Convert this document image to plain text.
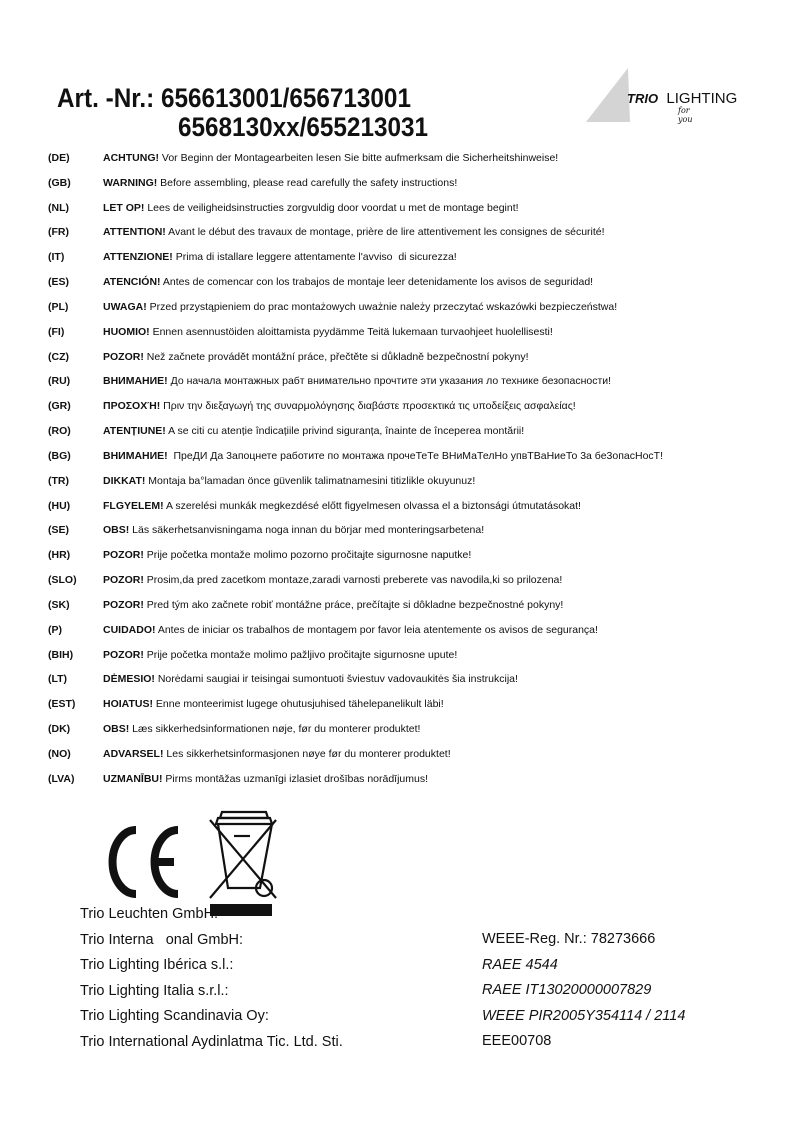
Art. -Nr.: 656613001/656713001
6568130xx/655213031
TRIO LIGHTING
for you
(DE)	ACHTUNG! Vor Beginn der Montagearbeiten lesen Sie bitte aufmerksam die Sicherheitshinweise!
(GB)	WARNING! Before assembling, please read carefully the safety instructions!
(NL)	LET OP! Lees de veiligheidsinstructies zorgvuldig door voordat u met de montage begint!
(FR)	ATTENTION! Avant le début des travaux de montage, prière de lire attentivement les consignes de sécurité!
(IT)	ATTENZIONE! Prima di istallare leggere attentamente l'avviso  di sicurezza!
(ES)	ATENCIÓN! Antes de comencar con los trabajos de montaje leer detenidamente los avisos de seguridad!
(PL)	UWAGA! Przed przystąpieniem do prac montażowych uważnie należy przeczytać wskazówki bezpieczeństwa!
(FI)	HUOMIO! Ennen asennustöiden aloittamista pyydämme Teitä lukemaan turvaohjeet huolellisesti!
(CZ)	POZOR! Než začnete provádět montážní práce, přečtěte si důkladně bezpečnostní pokyny!
(RU)	ВНИМАНИЕ! До начала монтажных рабт внимательно прочтите эти указания ло технике безопасности!
(GR)	ΠΡΟΣΟΧΉ! Πριν την διεξαγωγή της συναρμολόγησης διαβάστε προσεκτικά τις υποδείξεις ασφαλείας!
(RO)	ATENȚIUNE! A se citi cu atenție îndicațiile privind siguranța, înainte de începerea montării!
(BG)	ВНИМАНИЕ!  ПреДИ Да 3апоцнете работите по монтажа прочеТеТе ВНиМаТелНо упвТВаНиеТо 3а бе3опасНосТ!
(TR)	DIKKAT! Montaja ba°lamadan önce güvenlik talimatnamesini titizlikle okuyunuz!
(HU)	FLGYELEM! A szerelési munkák megkezdésé előtt figyelmesen olvassa el a biztonsági útmutatásokat!
(SE)	OBS! Läs säkerhetsanvisningama noga innan du börjar med monteringsarbetena!
(HR)	POZOR! Prije početka montaže molimo pozorno pročitajte sigurnosne naputke!
(SLO)	POZOR! Prosim,da pred zacetkom montaze,zaradi varnosti preberete vas navodila,ki so prilozena!
(SK)	POZOR! Pred tým ako začnete robiť montážne práce, prečítajte si dôkladne bezpečnostné pokyny!
(P)	CUIDADO! Antes de iniciar os trabalhos de montagem por favor leia atentemente os avisos de segurança!
(BIH)	POZOR! Prije početka montaže molimo pažljivo pročitajte sigurnosne upute!
(LT)	DĖMESIO! Norėdami saugiai ir teisingai sumontuoti šviestuv vadovaukitės šia instrukcija!
(EST)	HOIATUS! Enne monteerimist lugege ohutusjuhised tähelepanelikult läbi!
(DK)	OBS! Læs sikkerhedsinformationen nøje, før du monterer produktet!
(NO)	ADVARSEL! Les sikkerhetsinformasjonen nøye før du monterer produktet!
(LVA)	UZMANĪBU! Pirms montāžas uzmanīgi izlasiet drošības norādījumus!
Trio Leuchten GmbH:
Trio Interna   onal GmbH:
Trio Lighting Ibérica s.l.:
Trio Lighting Italia s.r.l.:
Trio Lighting Scandinavia Oy:
Trio International Aydinlatma Tic. Ltd. Sti.
WEEE-Reg. Nr.: 78273666
RAEE 4544
RAEE IT13020000007829
WEEE PIR2005Y354114 / 2114
EEE00708
